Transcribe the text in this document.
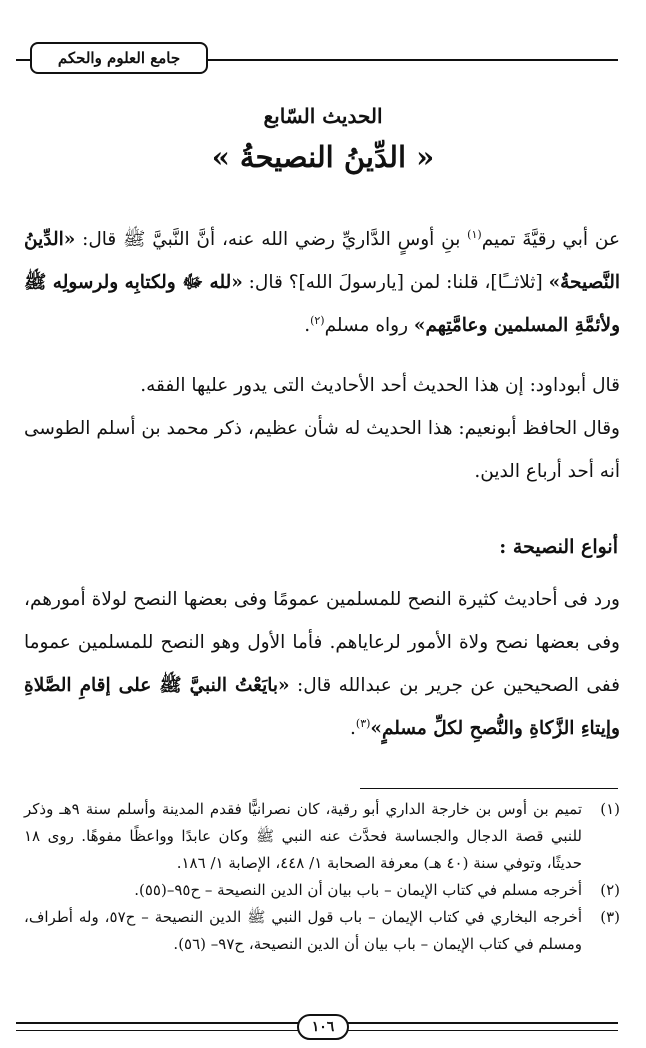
جامع العلوم والحكم
الحديث السّابع
« الدِّينُ النصيحةُ »

عن أبي رقيَّةَ تميم$^{(١)}$ بنِ أوسٍ الدَّاريِّ رضي الله عنه، أنَّ النَّبيَّ ﷺ قال: «الدِّينُ النَّصيحةُ» [ثلاثــًا]، قلنا: لمن [يارسولَ الله]؟ قال: «لله ﷻ ولكتابِه ولرسولِه ﷺ ولأئمَّةِ المسلمين وعامَّتِهم» رواه مسلم$^{(٢)}$.

قال أبوداود: إن هذا الحديث أحد الأحاديث التى يدور عليها الفقه.

وقال الحافظ أبونعيم: هذا الحديث له شأن عظيم، ذكر محمد بن أسلم الطوسى أنه أحد أرباع الدين.

أنواع النصيحة :

ورد فى أحاديث كثيرة النصح للمسلمين عمومًا وفى بعضها النصح لولاة أمورهم، وفى بعضها نصح ولاة الأمور لرعاياهم. فأما الأول وهو النصح للمسلمين عموما ففى الصحيحين عن جرير بن عبدالله قال: «بايَعْتُ النبيَّ ﷺ على إقامِ الصَّلاةِ وإيتاءِ الزَّكاةِ والنُّصحِ لكلِّ مسلمٍ»$^{(٣)}$.

(١)
تميم بن أوس بن خارجة الداري أبو رقية، كان نصرانيًّا فقدم المدينة وأسلم سنة ٩هـ وذكر للنبي قصة الدجال والجساسة فحدَّث عنه النبي ﷺ وكان عابدًا وواعظًا مفوهًا. روى ١٨ حديثًا، وتوفي سنة (٤٠ هـ) معرفة الصحابة ١/ ٤٤٨، الإصابة ١/ ١٨٦.
(٢)
أخرجه مسلم في كتاب الإيمان – باب بيان أن الدين النصيحة – ح٩٥–(٥٥).
(٣)
أخرجه البخاري في كتاب الإيمان – باب قول النبي ﷺ الدين النصيحة – ح٥٧، وله أطراف، ومسلم في كتاب الإيمان – باب بيان أن الدين النصيحة، ح٩٧– (٥٦).
١٠٦
